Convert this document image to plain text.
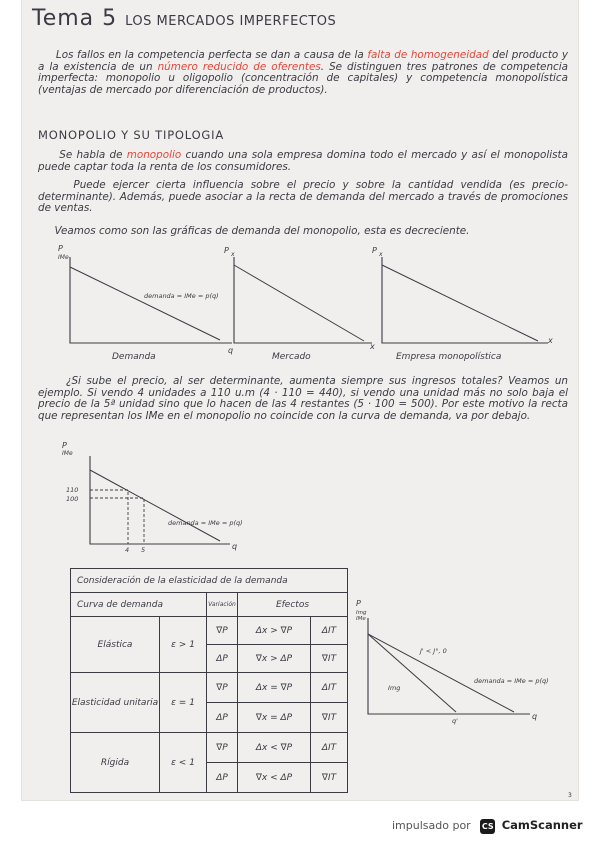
Tema 5 LOS MERCADOS IMPERFECTOS
Los fallos en la competencia perfecta se dan a causa de la falta de homogeneidad del producto y a la existencia de un número reducido de oferentes. Se distinguen tres patrones de competencia imperfecta: monopolio u oligopolio (concentración de capitales) y competencia monopolística (ventajas de mercado por diferenciación de productos).
MONOPOLIO Y SU TIPOLOGIA
Se habla de monopolio cuando una sola empresa domina todo el mercado y así el monopolista puede captar toda la renta de los consumidores.
Puede ejercer cierta influencia sobre el precio y sobre la cantidad vendida (es precio-determinante). Además, puede asociar a la recta de demanda del mercado a través de promociones de ventas.
Veamos como son las gráficas de demanda del monopolio, esta es decreciente.
P
IMe
demanda = IMe = p(q)
q
Demanda
P x
x
Mercado
P x
x
Empresa monopolística
¿Si sube el precio, al ser determinante, aumenta siempre sus ingresos totales? Veamos un ejemplo. Si vendo 4 unidades a 110 u.m (4 · 110 = 440), si vendo una unidad más no solo baja el precio de la 5ª unidad sino que lo hacen de las 4 restantes (5 · 100 = 500). Por este motivo la recta que representan los IMe en el monopolio no coincide con la curva de demanda, va por debajo.
P
IMe
110
100
4 5
demanda = IMe = p(q)
q
Consideración de la elasticidad de la demanda				
Curva de demanda		Variación	Efectos	
Elástica	ε > 1	∇P	Δx > ∇P	ΔIT
		ΔP	∇x > ΔP	∇IT
Elasticidad unitaria	ε = 1	∇P	Δx = ∇P	ΔIT
		ΔP	∇x = ΔP	∇IT
Rígida	ε < 1	∇P	Δx < ∇P	ΔIT
		ΔP	∇x < ΔP	∇IT
P
Img
IMe
J' < J°, 0
Img
demanda = IMe = p(q)
q'	q
3
impulsado por CS CamScanner
